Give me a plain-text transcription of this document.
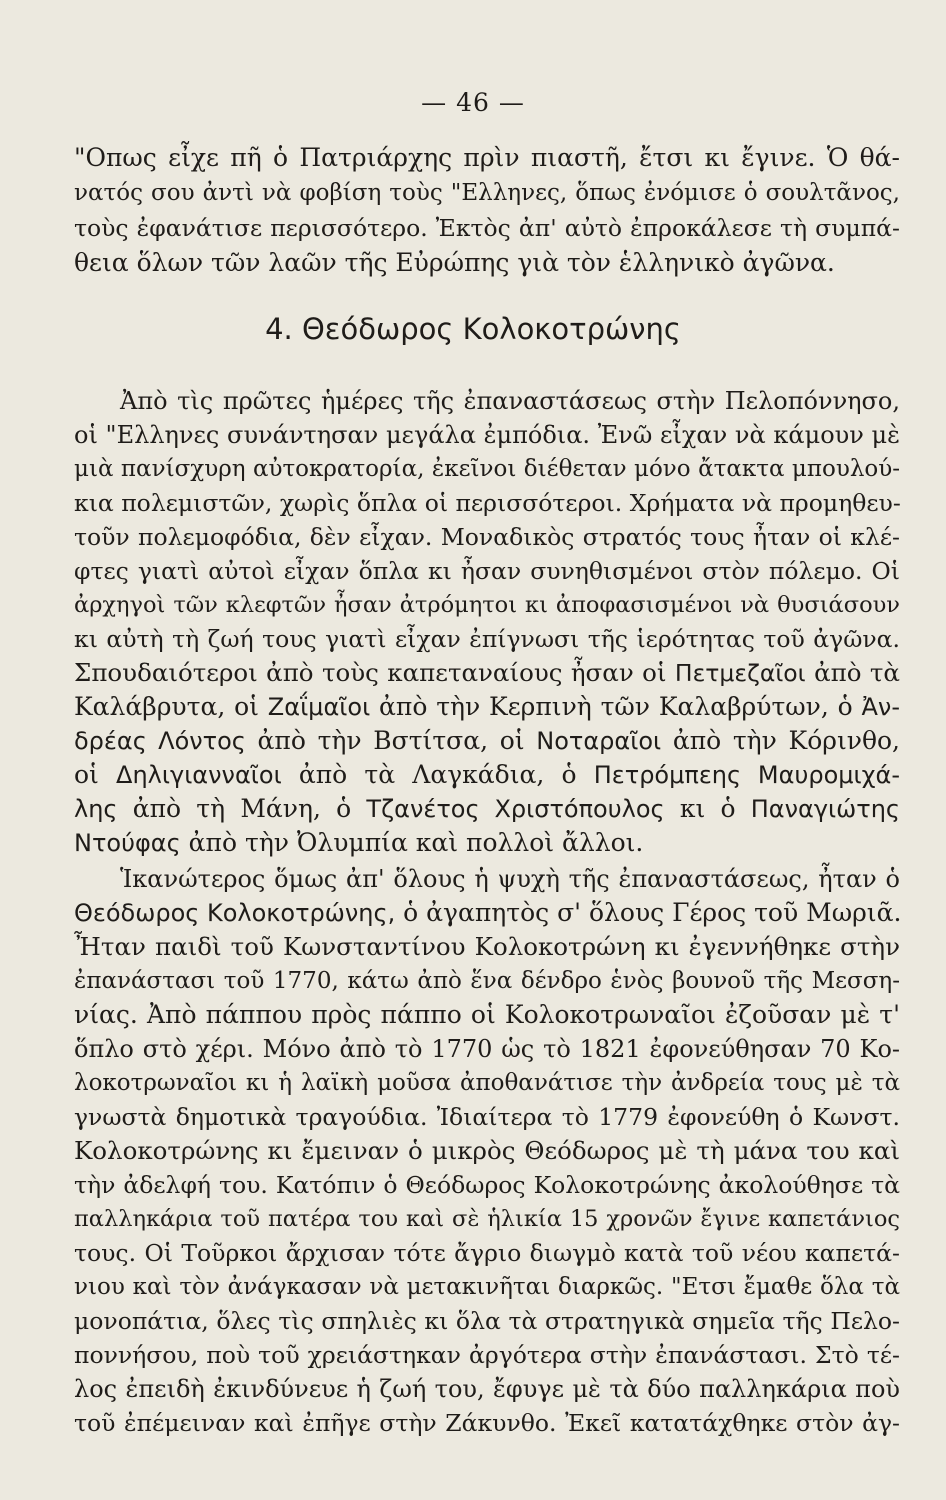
— 46 —
"Οπως εἶχε πῆ ὁ Πατριάρχης πρὶν πιαστῆ, ἔτσι κι ἔγινε. Ὁ θά-
νατός σου ἀντὶ νὰ φοβίση τοὺς "Ελληνες, ὅπως ἐνόμισε ὁ σουλτᾶνος,
τοὺς ἐφανάτισε περισσότερο. Ἐκτὸς ἀπ' αὐτὸ ἐπροκάλεσε τὴ συμπά-
θεια ὅλων τῶν λαῶν τῆς Εὐρώπης γιὰ τὸν ἑλληνικὸ ἀγῶνα.
4. Θεόδωρος Κολοκοτρώνης
Ἀπὸ τὶς πρῶτες ἡμέρες τῆς ἐπαναστάσεως στὴν Πελοπόννησο,
οἱ "Ελληνες συνάντησαν μεγάλα ἐμπόδια. Ἐνῶ εἶχαν νὰ κάμουν μὲ
μιὰ πανίσχυρη αὐτοκρατορία, ἐκεῖνοι διέθεταν μόνο ἄτακτα μπουλού-
κια πολεμιστῶν, χωρὶς ὅπλα οἱ περισσότεροι. Χρήματα νὰ προμηθευ-
τοῦν πολεμοφόδια, δὲν εἶχαν. Μοναδικὸς στρατός τους ἦταν οἱ κλέ-
φτες γιατὶ αὐτοὶ εἶχαν ὅπλα κι ἦσαν συνηθισμένοι στὸν πόλεμο. Οἱ
ἀρχηγοὶ τῶν κλεφτῶν ἦσαν ἀτρόμητοι κι ἀποφασισμένοι νὰ θυσιάσουν
κι αὐτὴ τὴ ζωή τους γιατὶ εἶχαν ἐπίγνωσι τῆς ἱερότητας τοῦ ἀγῶνα.
Σπουδαιότεροι ἀπὸ τοὺς καπεταναίους ἦσαν οἱ Πετμεζαῖοι ἀπὸ τὰ
Καλάβρυτα, οἱ Ζαΐμαῖοι ἀπὸ τὴν Κερπινὴ τῶν Καλαβρύτων, ὁ Ἀν-
δρέας Λόντος ἀπὸ τὴν Βστίτσα, οἱ Νοταραῖοι ἀπὸ τὴν Κόρινθο,
οἱ Δηλιγιανναῖοι ἀπὸ τὰ Λαγκάδια, ὁ Πετρόμπεης Μαυρομιχά-
λης ἀπὸ τὴ Μάνη, ὁ Τζανέτος Χριστόπουλος κι ὁ Παναγιώτης
Ντούφας ἀπὸ τὴν Ὀλυμπία καὶ πολλοὶ ἄλλοι.
Ἱκανώτερος ὅμως ἀπ' ὅλους ἡ ψυχὴ τῆς ἐπαναστάσεως, ἦταν ὁ
Θεόδωρος Κολοκοτρώνης, ὁ ἀγαπητὸς σ' ὅλους Γέρος τοῦ Μωριᾶ.
Ἦταν παιδὶ τοῦ Κωνσταντίνου Κολοκοτρώνη κι ἐγεννήθηκε στὴν
ἐπανάστασι τοῦ 1770, κάτω ἀπὸ ἕνα δένδρο ἑνὸς βουνοῦ τῆς Μεσση-
νίας. Ἀπὸ πάππου πρὸς πάππο οἱ Κολοκοτρωναῖοι ἐζοῦσαν μὲ τ'
ὅπλο στὸ χέρι. Μόνο ἀπὸ τὸ 1770 ὡς τὸ 1821 ἐφονεύθησαν 70 Κο-
λοκοτρωναῖοι κι ἡ λαϊκὴ μοῦσα ἀποθανάτισε τὴν ἀνδρεία τους μὲ τὰ
γνωστὰ δημοτικὰ τραγούδια. Ἰδιαίτερα τὸ 1779 ἐφονεύθη ὁ Κωνστ.
Κολοκοτρώνης κι ἔμειναν ὁ μικρὸς Θεόδωρος μὲ τὴ μάνα του καὶ
τὴν ἀδελφή του. Κατόπιν ὁ Θεόδωρος Κολοκοτρώνης ἀκολούθησε τὰ
παλληκάρια τοῦ πατέρα του καὶ σὲ ἡλικία 15 χρονῶν ἔγινε καπετάνιος
τους. Οἱ Τοῦρκοι ἄρχισαν τότε ἄγριο διωγμὸ κατὰ τοῦ νέου καπετά-
νιου καὶ τὸν ἀνάγκασαν νὰ μετακινῆται διαρκῶς. "Ετσι ἔμαθε ὅλα τὰ
μονοπάτια, ὅλες τὶς σπηλιὲς κι ὅλα τὰ στρατηγικὰ σημεῖα τῆς Πελο-
ποννήσου, ποὺ τοῦ χρειάστηκαν ἀργότερα στὴν ἐπανάστασι. Στὸ τέ-
λος ἐπειδὴ ἐκινδύνευε ἡ ζωή του, ἔφυγε μὲ τὰ δύο παλληκάρια ποὺ
τοῦ ἐπέμειναν καὶ ἐπῆγε στὴν Ζάκυνθο. Ἐκεῖ κατατάχθηκε στὸν ἀγ-
